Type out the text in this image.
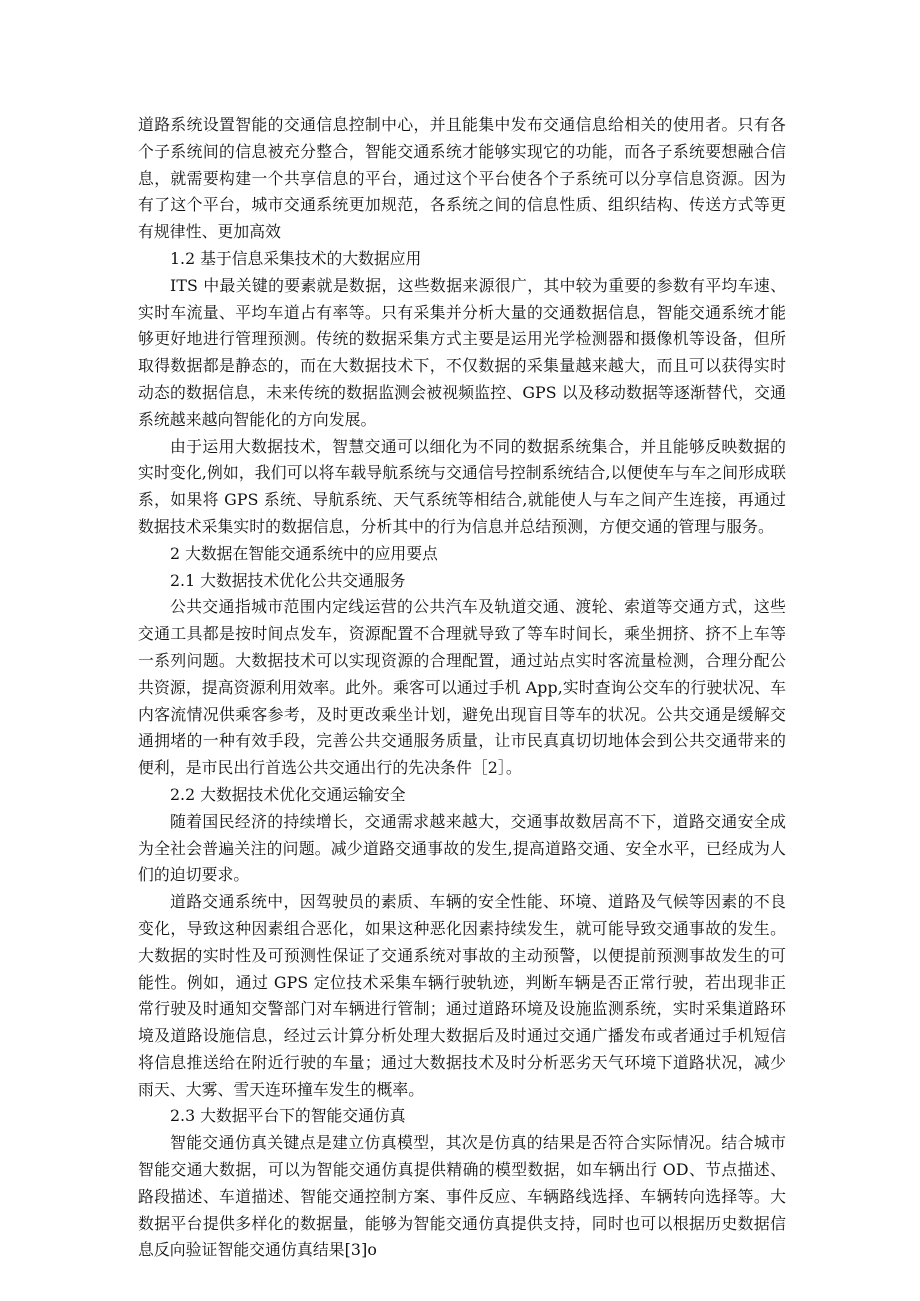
道路系统设置智能的交通信息控制中心，并且能集中发布交通信息给相关的使用者。只有各个子系统间的信息被充分整合，智能交通系统才能够实现它的功能，而各子系统要想融合信息，就需要构建一个共享信息的平台，通过这个平台使各个子系统可以分享信息资源。因为有了这个平台，城市交通系统更加规范，各系统之间的信息性质、组织结构、传送方式等更有规律性、更加高效

1.2 基于信息采集技术的大数据应用

ITS 中最关键的要素就是数据，这些数据来源很广，其中较为重要的参数有平均车速、实时车流量、平均车道占有率等。只有采集并分析大量的交通数据信息，智能交通系统才能够更好地进行管理预测。传统的数据采集方式主要是运用光学检测器和摄像机等设备，但所取得数据都是静态的，而在大数据技术下，不仅数据的采集量越来越大，而且可以获得实时动态的数据信息，未来传统的数据监测会被视频监控、GPS 以及移动数据等逐渐替代，交通系统越来越向智能化的方向发展。

由于运用大数据技术，智慧交通可以细化为不同的数据系统集合，并且能够反映数据的实时变化,例如，我们可以将车载导航系统与交通信号控制系统结合,以便使车与车之间形成联系，如果将 GPS 系统、导航系统、天气系统等相结合,就能使人与车之间产生连接，再通过数据技术采集实时的数据信息，分析其中的行为信息并总结预测，方便交通的管理与服务。

2 大数据在智能交通系统中的应用要点

2.1 大数据技术优化公共交通服务

公共交通指城市范围内定线运营的公共汽车及轨道交通、渡轮、索道等交通方式，这些交通工具都是按时间点发车，资源配置不合理就导致了等车时间长，乘坐拥挤、挤不上车等一系列问题。大数据技术可以实现资源的合理配置，通过站点实时客流量检测，合理分配公共资源，提高资源利用效率。此外。乘客可以通过手机 App,实时查询公交车的行驶状况、车内客流情况供乘客参考，及时更改乘坐计划，避免出现盲目等车的状况。公共交通是缓解交通拥堵的一种有效手段，完善公共交通服务质量，让市民真真切切地体会到公共交通带来的便利，是市民出行首选公共交通出行的先决条件［2］。

2.2 大数据技术优化交通运输安全

随着国民经济的持续增长，交通需求越来越大，交通事故数居高不下，道路交通安全成为全社会普遍关注的问题。减少道路交通事故的发生,提高道路交通、安全水平，已经成为人们的迫切要求。

道路交通系统中，因驾驶员的素质、车辆的安全性能、环境、道路及气候等因素的不良变化，导致这种因素组合恶化，如果这种恶化因素持续发生，就可能导致交通事故的发生。大数据的实时性及可预测性保证了交通系统对事故的主动预警，以便提前预测事故发生的可能性。例如，通过 GPS 定位技术采集车辆行驶轨迹，判断车辆是否正常行驶，若出现非正常行驶及时通知交警部门对车辆进行管制；通过道路环境及设施监测系统，实时采集道路环境及道路设施信息，经过云计算分析处理大数据后及时通过交通广播发布或者通过手机短信将信息推送给在附近行驶的车量；通过大数据技术及时分析恶劣天气环境下道路状况，减少雨天、大雾、雪天连环撞车发生的概率。

2.3 大数据平台下的智能交通仿真

智能交通仿真关键点是建立仿真模型，其次是仿真的结果是否符合实际情况。结合城市智能交通大数据，可以为智能交通仿真提供精确的模型数据，如车辆出行 OD、节点描述、路段描述、车道描述、智能交通控制方案、事件反应、车辆路线选择、车辆转向选择等。大数据平台提供多样化的数据量，能够为智能交通仿真提供支持，同时也可以根据历史数据信息反向验证智能交通仿真结果[3]o
